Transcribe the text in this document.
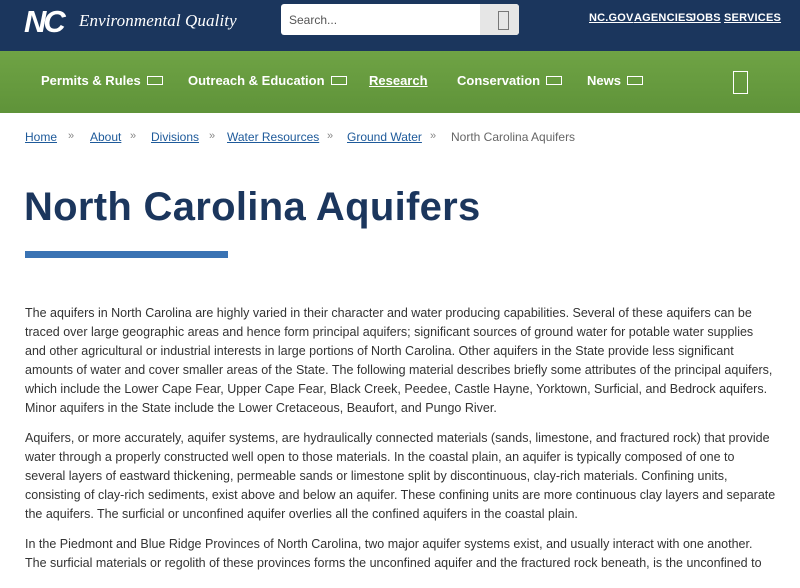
NC Environmental Quality
Search...	NC.GOV AGENCIES
JOBS SERVICES
Permits & Rules	Outreach & Education	Research Conservation	News
Home » About » Divisions » Water Resources » Ground Water » North Carolina Aquifers
North Carolina Aquifers

The aquifers in North Carolina are highly varied in their character and water producing capabilities. Several of these aquifers can be traced over large geographic areas and hence form principal aquifers; significant sources of ground water for potable water supplies and other agricultural or industrial interests in large portions of North Carolina. Other aquifers in the State provide less significant amounts of water and cover smaller areas of the State. The following material describes briefly some attributes of the principal aquifers, which include the Lower Cape Fear, Upper Cape Fear, Black Creek, Peedee, Castle Hayne, Yorktown, Surficial, and Bedrock aquifers. Minor aquifers in the State include the Lower Cretaceous, Beaufort, and Pungo River.

Aquifers, or more accurately, aquifer systems, are hydraulically connected materials (sands, limestone, and fractured rock) that provide water through a properly constructed well open to those materials. In the coastal plain, an aquifer is typically composed of one to several layers of eastward thickening, permeable sands or limestone split by discontinuous, clay-rich materials. Confining units, consisting of clay-rich sediments, exist above and below an aquifer. These confining units are more continuous clay layers and separate the aquifers. The surficial or unconfined aquifer overlies all the confined aquifers in the coastal plain.

In the Piedmont and Blue Ridge Provinces of North Carolina, two major aquifer systems exist, and usually interact with one another. The surficial materials or regolith of these provinces forms the unconfined aquifer and the fractured rock beneath, is the unconfined to
